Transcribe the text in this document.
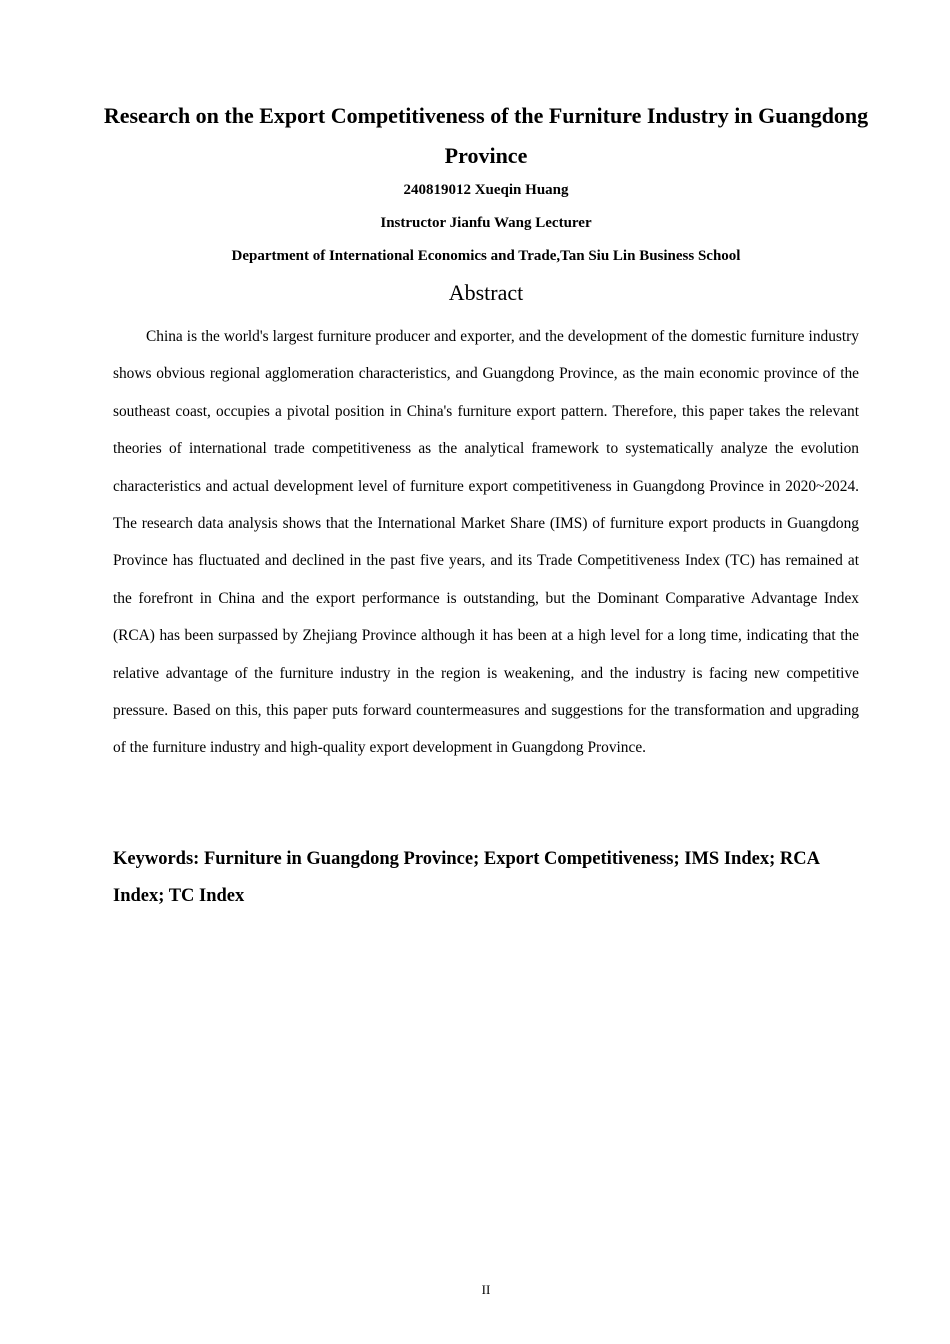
Research on the Export Competitiveness of the Furniture Industry in Guangdong Province

240819012 Xueqin Huang

Instructor Jianfu Wang Lecturer

Department of International Economics and Trade,Tan Siu Lin Business School

Abstract

China is the world's largest furniture producer and exporter, and the development of the domestic furniture industry shows obvious regional agglomeration characteristics, and Guangdong Province, as the main economic province of the southeast coast, occupies a pivotal position in China's furniture export pattern. Therefore, this paper takes the relevant theories of international trade competitiveness as the analytical framework to systematically analyze the evolution characteristics and actual development level of furniture export competitiveness in Guangdong Province in 2020~2024. The research data analysis shows that the International Market Share (IMS) of furniture export products in Guangdong Province has fluctuated and declined in the past five years, and its Trade Competitiveness Index (TC) has remained at the forefront in China and the export performance is outstanding, but the Dominant Comparative Advantage Index (RCA) has been surpassed by Zhejiang Province although it has been at a high level for a long time, indicating that the relative advantage of the furniture industry in the region is weakening, and the industry is facing new competitive pressure. Based on this, this paper puts forward countermeasures and suggestions for the transformation and upgrading of the furniture industry and high-quality export development in Guangdong Province.

Keywords: Furniture in Guangdong Province; Export Competitiveness; IMS Index; RCA Index; TC Index

II
